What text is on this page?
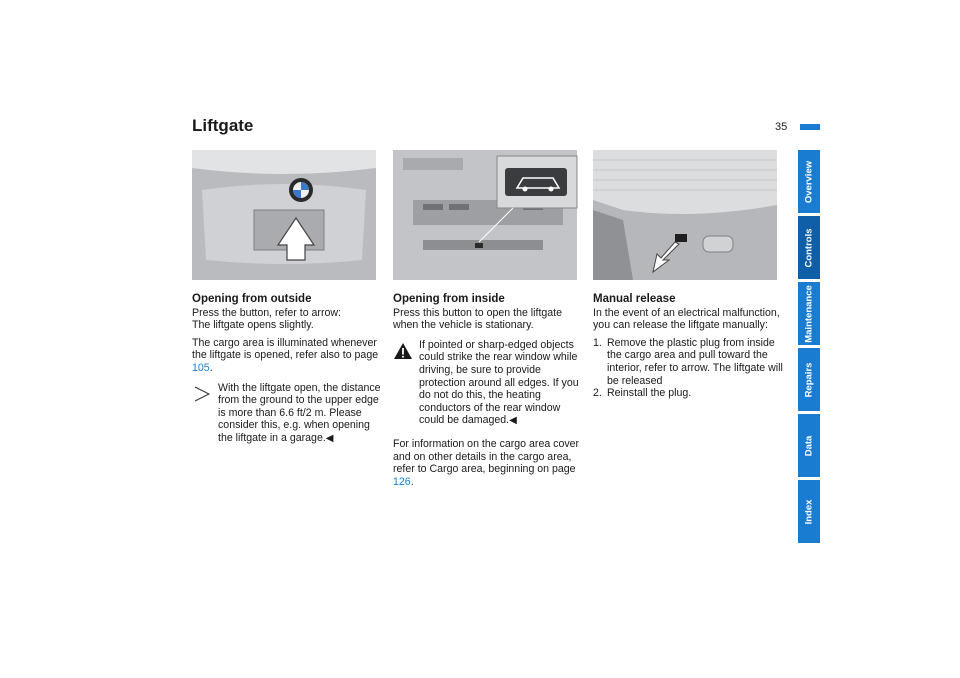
Liftgate	35
530de246	530de315	530de316
Opening from outside

Press the button, refer to arrow:
The liftgate opens slightly.

The cargo area is illuminated whenever the liftgate is opened, refer also to page 105.

With the liftgate open, the distance from the ground to the upper edge is more than 6.6 ft/2 m. Please consider this, e.g. when opening the liftgate in a garage.◀
Opening from inside

Press this button to open the liftgate when the vehicle is stationary.

If pointed or sharp-edged objects could strike the rear window while driving, be sure to provide protection around all edges. If you do not do this, the heating conductors of the rear window could be damaged.◀

For information on the cargo area cover and on other details in the cargo area, refer to Cargo area, beginning on page 126.

Manual release

In the event of an electrical malfunction, you can release the liftgate manually:

1. Remove the plastic plug from inside the cargo area and pull toward the interior, refer to arrow. The liftgate will be released
2. Reinstall the plug.
Overview
Controls
Maintenance
Repairs
Data
Index
